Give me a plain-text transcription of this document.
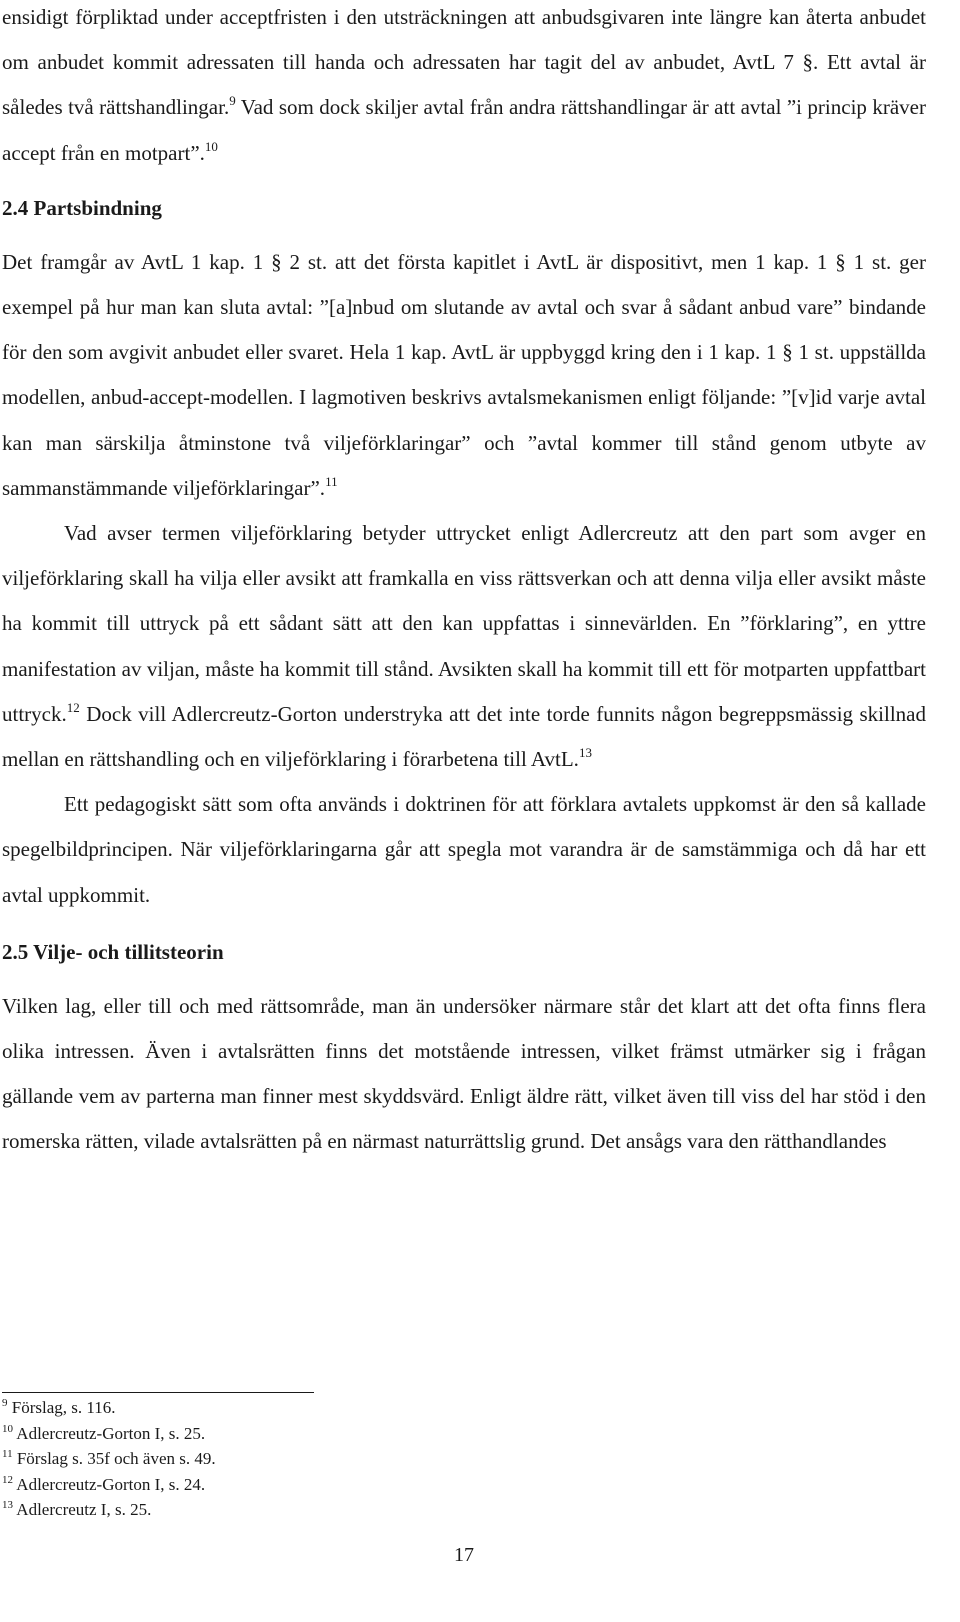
ensidigt förpliktad under acceptfristen i den utsträckningen att anbudsgivaren inte längre kan återta anbudet om anbudet kommit adressaten till handa och adressaten har tagit del av anbudet, AvtL 7 §. Ett avtal är således två rättshandlingar.$^9$ Vad som dock skiljer avtal från andra rättshandlingar är att avtal ”i princip kräver accept från en motpart”.$^{10}$

2.4 Partsbindning

Det framgår av AvtL 1 kap. 1 § 2 st. att det första kapitlet i AvtL är dispositivt, men 1 kap. 1 § 1 st. ger exempel på hur man kan sluta avtal: ”[a]nbud om slutande av avtal och svar å sådant anbud vare” bindande för den som avgivit anbudet eller svaret. Hela 1 kap. AvtL är uppbyggd kring den i 1 kap. 1 § 1 st. uppställda modellen, anbud-accept-modellen. I lagmotiven beskrivs avtalsmekanismen enligt följande: ”[v]id varje avtal kan man särskilja åtminstone två viljeförklaringar” och ”avtal kommer till stånd genom utbyte av sammanstämmande viljeförklaringar”.$^{11}$

Vad avser termen viljeförklaring betyder uttrycket enligt Adlercreutz att den part som avger en viljeförklaring skall ha vilja eller avsikt att framkalla en viss rättsverkan och att denna vilja eller avsikt måste ha kommit till uttryck på ett sådant sätt att den kan uppfattas i sinnevärlden. En ”förklaring”, en yttre manifestation av viljan, måste ha kommit till stånd. Avsikten skall ha kommit till ett för motparten uppfattbart uttryck.$^{12}$ Dock vill Adlercreutz-Gorton understryka att det inte torde funnits någon begreppsmässig skillnad mellan en rättshandling och en viljeförklaring i förarbetena till AvtL.$^{13}$

Ett pedagogiskt sätt som ofta används i doktrinen för att förklara avtalets uppkomst är den så kallade spegelbildprincipen. När viljeförklaringarna går att spegla mot varandra är de samstämmiga och då har ett avtal uppkommit.

2.5 Vilje- och tillitsteorin

Vilken lag, eller till och med rättsområde, man än undersöker närmare står det klart att det ofta finns flera olika intressen. Även i avtalsrätten finns det motstående intressen, vilket främst utmärker sig i frågan gällande vem av parterna man finner mest skyddsvärd. Enligt äldre rätt, vilket även till viss del har stöd i den romerska rätten, vilade avtalsrätten på en närmast naturrättslig grund. Det ansågs vara den rätthandlandes

$^9$ Förslag, s. 116.

$^{10}$ Adlercreutz-Gorton I, s. 25.

$^{11}$ Förslag s. 35f och även s. 49.

$^{12}$ Adlercreutz-Gorton I, s. 24.

$^{13}$ Adlercreutz I, s. 25.

17
